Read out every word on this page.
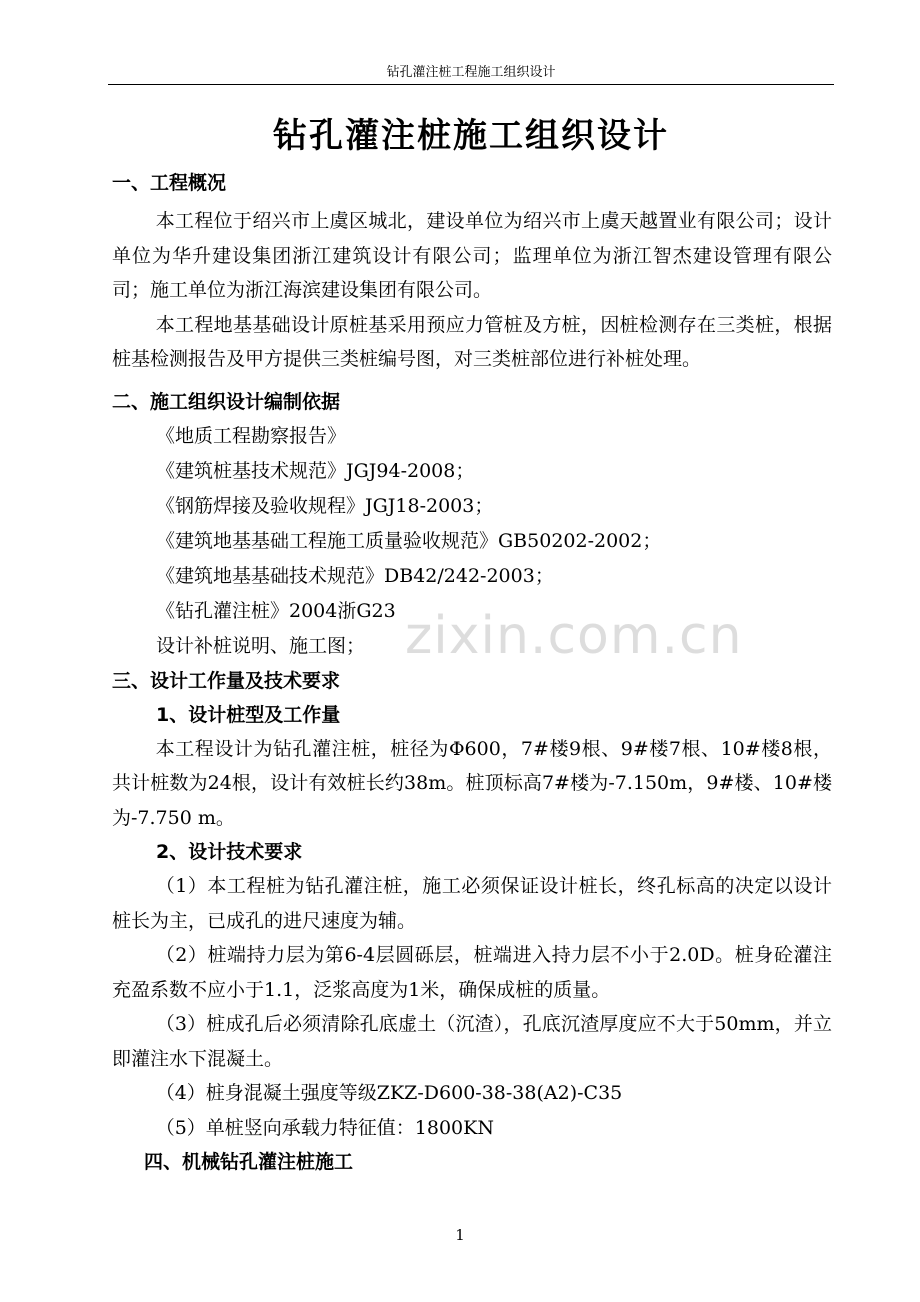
钻孔灌注桩工程施工组织设计
钻孔灌注桩施工组织设计
zixin.com.cn

一、工程概况

本工程位于绍兴市上虞区城北，建设单位为绍兴市上虞天越置业有限公司；设计单位为华升建设集团浙江建筑设计有限公司；监理单位为浙江智杰建设管理有限公司；施工单位为浙江海滨建设集团有限公司。

本工程地基基础设计原桩基采用预应力管桩及方桩，因桩检测存在三类桩，根据桩基检测报告及甲方提供三类桩编号图，对三类桩部位进行补桩处理。

二、施工组织设计编制依据

《地质工程勘察报告》

《建筑桩基技术规范》JGJ94-2008；

《钢筋焊接及验收规程》JGJ18-2003；

《建筑地基基础工程施工质量验收规范》GB50202-2002；

《建筑地基基础技术规范》DB42/242-2003；

《钻孔灌注桩》2004浙G23

设计补桩说明、施工图；

三、设计工作量及技术要求

1、设计桩型及工作量

本工程设计为钻孔灌注桩，桩径为Φ600，7#楼9根、9#楼7根、10#楼8根，共计桩数为24根，设计有效桩长约38m。桩顶标高7#楼为-7.150m，9#楼、10#楼为-7.750 m。

2、设计技术要求

（1）本工程桩为钻孔灌注桩，施工必须保证设计桩长，终孔标高的决定以设计桩长为主，已成孔的进尺速度为辅。

（2）桩端持力层为第6-4层圆砾层，桩端进入持力层不小于2.0D。桩身砼灌注充盈系数不应小于1.1，泛浆高度为1米，确保成桩的质量。

（3）桩成孔后必须清除孔底虚土（沉渣），孔底沉渣厚度应不大于50mm，并立即灌注水下混凝土。

（4）桩身混凝土强度等级ZKZ-D600-38-38(A2)-C35

（5）单桩竖向承载力特征值：1800KN

四、机械钻孔灌注桩施工

1
